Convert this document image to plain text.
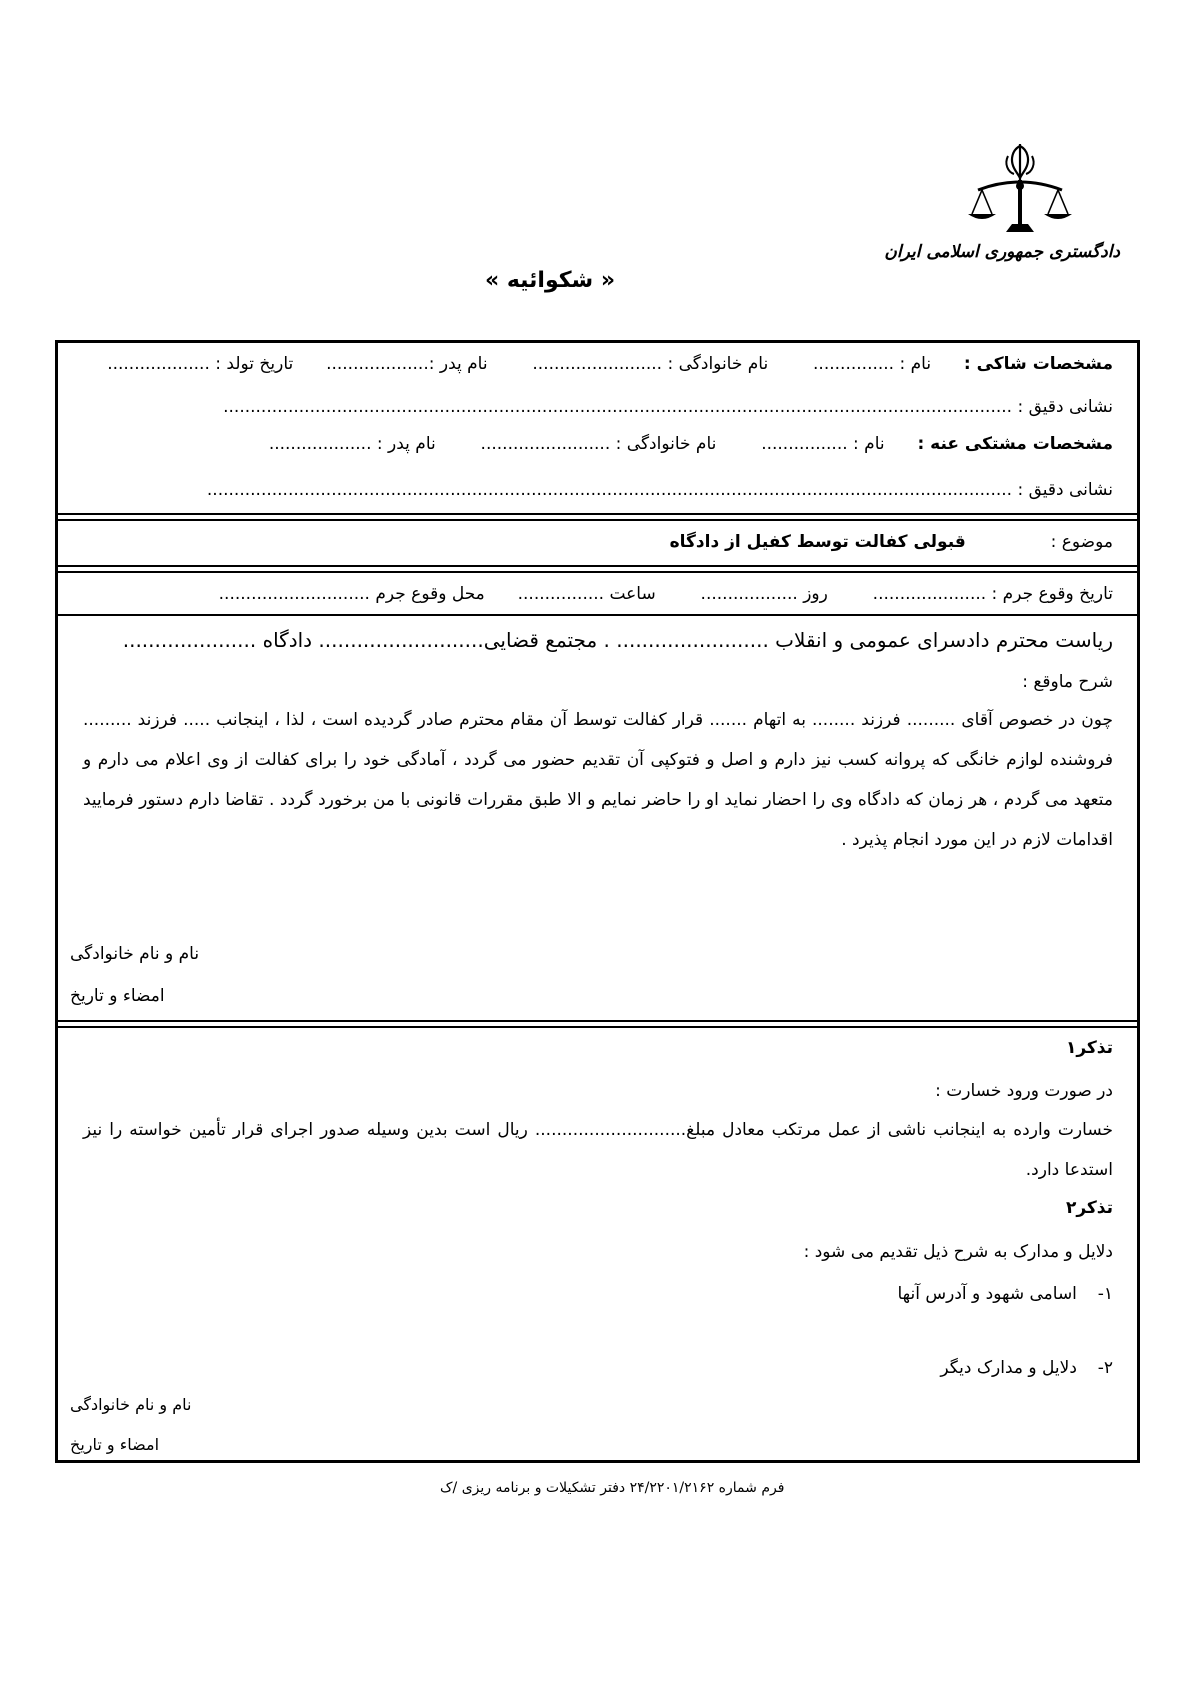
دادگستری جمهوری اسلامی ایران
« شکوائیه »
مشخصات شاکی :  نام : ...............  نام خانوادگی : ........................  نام پدر :...................  تاریخ تولد : ...................
نشانی دقیق : ..................................................................................................................................................
مشخصات مشتکی عنه :  نام : ................  نام خانوادگی : ........................  نام پدر : ...................
نشانی دقیق : .....................................................................................................................................................
موضوع :  قبولی کفالت توسط کفیل از دادگاه
تاریخ وقوع جرم : .....................  روز ..................  ساعت ................  محل وقوع جرم ............................
ریاست محترم دادسرای عمومی و انقلاب ........................ . مجتمع قضایی.......................... دادگاه .....................
شرح ماوقع :
چون در خصوص آقای ......... فرزند ........ به اتهام ....... قرار کفالت توسط آن مقام محترم صادر گردیده است ، لذا ، اینجانب ..... فرزند ......... فروشنده لوازم خانگی که پروانه کسب نیز دارم و اصل و فتوکپی آن تقدیم حضور می گردد ، آمادگی خود را برای کفالت از وی اعلام می دارم و متعهد می گردم ، هر زمان که دادگاه وی را احضار نماید او را حاضر نمایم و الا طبق مقررات قانونی با من برخورد گردد . تقاضا دارم دستور فرمایید اقدامات لازم در این مورد انجام پذیرد .
نام و نام خانوادگی
امضاء و تاریخ
تذکر۱
در صورت ورود خسارت :
خسارت وارده به اینجانب ناشی از عمل مرتکب معادل مبلغ............................ ریال است بدین وسیله صدور اجرای قرار تأمین خواسته را نیز استدعا دارد.
تذکر۲
دلایل و مدارک به شرح ذیل تقدیم می شود :
۱-  اسامی شهود و آدرس آنها
۲-  دلایل و مدارک دیگر
نام و نام خانوادگی
امضاء و تاریخ
فرم شماره ۲۴/۲۲۰۱/۲۱۶۲ دفتر تشکیلات و برنامه ریزی /ک
